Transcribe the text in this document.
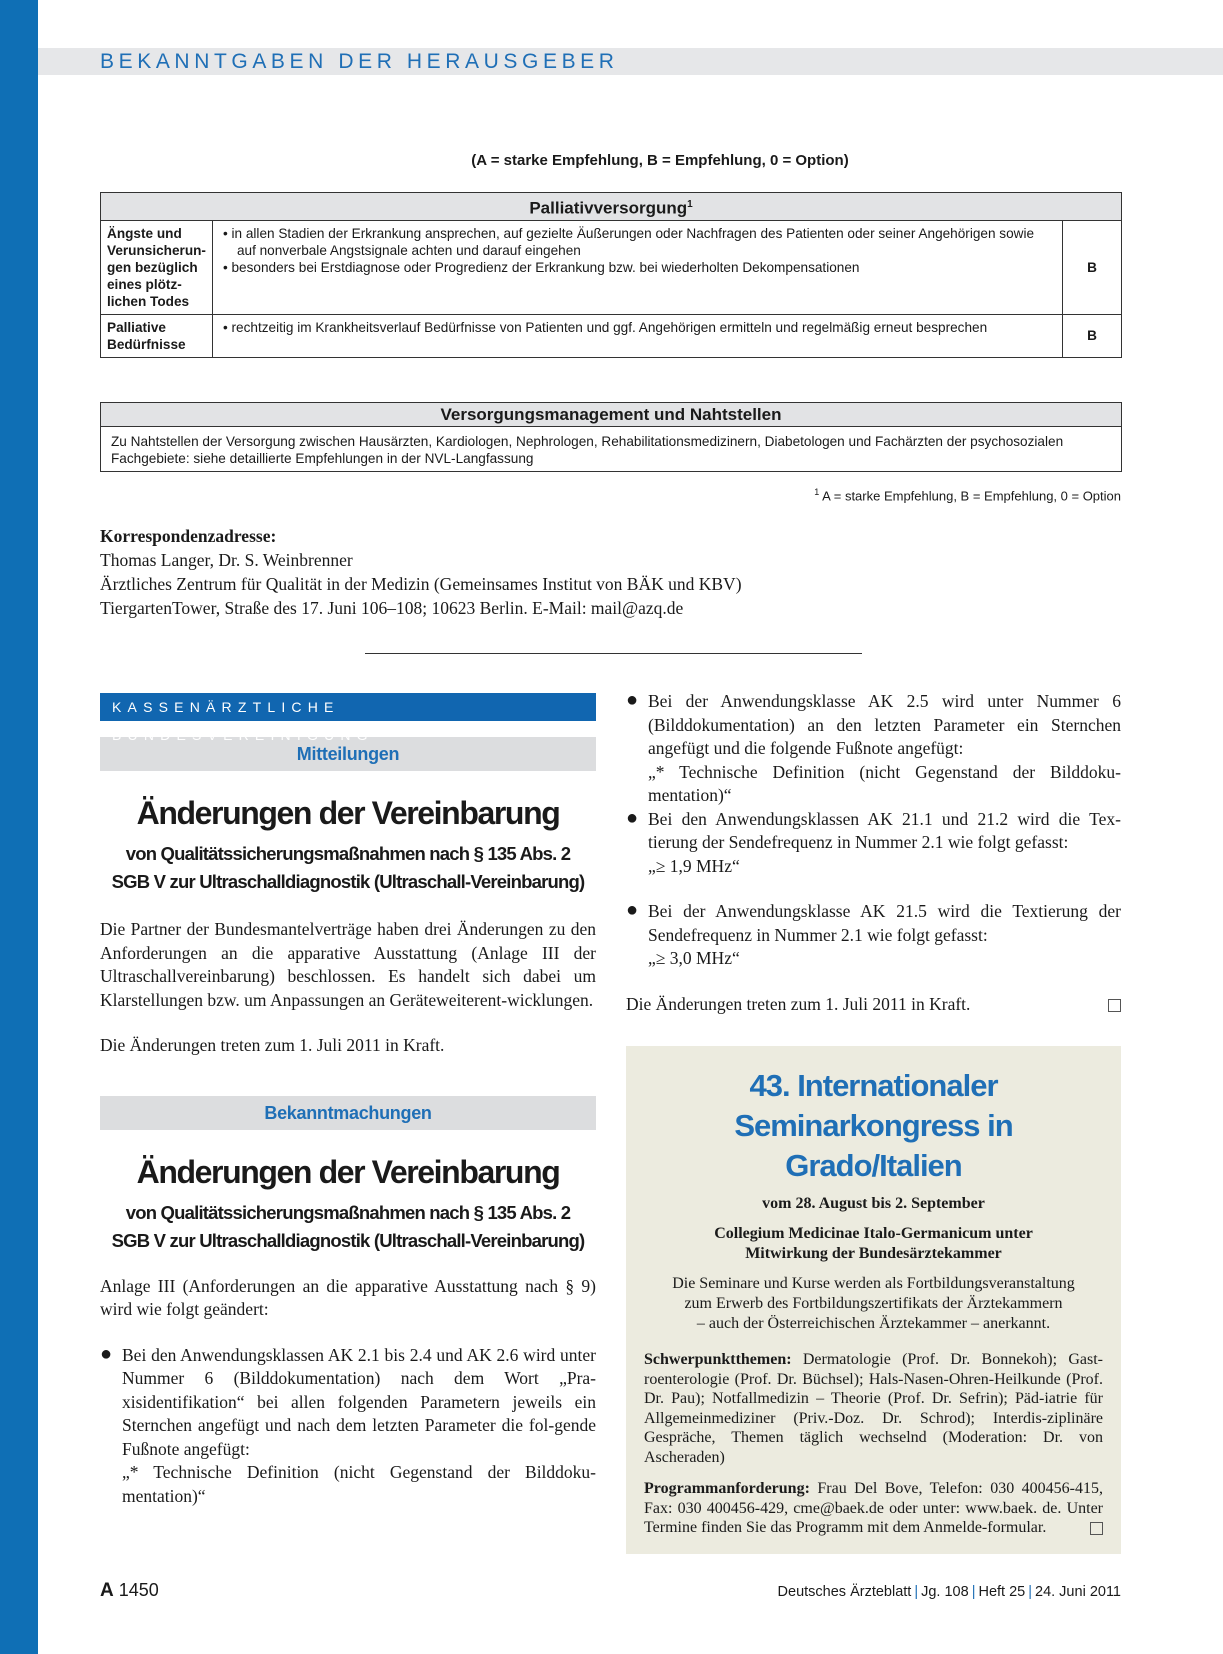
BEKANNTGABEN DER HERAUSGEBER
(A = starke Empfehlung, B = Empfehlung, 0 = Option)
Palliativversorgung$^1$
Ängste und Verunsicherun-gen bezüglich eines plötz-lichen Todes	• in allen Stadien der Erkrankung ansprechen, auf gezielte Äußerungen oder Nachfragen des Patienten oder seiner Angehörigen sowie auf nonverbale Angstsignale achten und darauf eingehen

• besonders bei Erstdiagnose oder Progredienz der Erkrankung bzw. bei wiederholten Dekompensationen	B
Palliative Bedürfnisse	• rechtzeitig im Krankheitsverlauf Bedürfnisse von Patienten und ggf. Angehörigen ermitteln und regelmäßig erneut besprechen	B
Versorgungsmanagement und Nahtstellen
Zu Nahtstellen der Versorgung zwischen Hausärzten, Kardiologen, Nephrologen, Rehabilitationsmedizinern, Diabetologen und Fachärzten der psychosozialen Fachgebiete: siehe detaillierte Empfehlungen in der NVL-Langfassung
$^1$ A = starke Empfehlung, B = Empfehlung, 0 = Option
Korrespondenzadresse:
Thomas Langer, Dr. S. Weinbrenner
Ärztliches Zentrum für Qualität in der Medizin (Gemeinsames Institut von BÄK und KBV)
TiergartenTower, Straße des 17. Juni 106–108; 10623 Berlin. E-Mail: mail@azq.de
KASSENÄRZTLICHE BUNDESVEREINIGUNG
Mitteilungen
Änderungen der Vereinbarung
von Qualitätssicherungsmaßnahmen nach § 135 Abs. 2
SGB V zur Ultraschalldiagnostik (Ultraschall-Vereinbarung)

Die Partner der Bundesmantelverträge haben drei Änderungen zu den Anforderungen an die apparative Ausstattung (Anlage III der Ultraschallvereinbarung) beschlossen. Es handelt sich dabei um Klarstellungen bzw. um Anpassungen an Geräteweiterent-wicklungen.

Die Änderungen treten zum 1. Juli 2011 in Kraft.

Bekanntmachungen
Änderungen der Vereinbarung
von Qualitätssicherungsmaßnahmen nach § 135 Abs. 2
SGB V zur Ultraschalldiagnostik (Ultraschall-Vereinbarung)

Anlage III (Anforderungen an die apparative Ausstattung nach § 9) wird wie folgt geändert:

● Bei den Anwendungsklassen AK 2.1 bis 2.4 und AK 2.6 wird unter Nummer 6 (Bilddokumentation) nach dem Wort „Pra-xisidentifikation“ bei allen folgenden Parametern jeweils ein Sternchen angefügt und nach dem letzten Parameter die fol-gende Fußnote angefügt:

„* Technische Definition (nicht Gegenstand der Bilddoku-mentation)“
● Bei der Anwendungsklasse AK 2.5 wird unter Nummer 6 (Bilddokumentation) an den letzten Parameter ein Sternchen angefügt und die folgende Fußnote angefügt:

„* Technische Definition (nicht Gegenstand der Bilddoku-mentation)“
● Bei den Anwendungsklassen AK 21.1 und 21.2 wird die Tex-tierung der Sendefrequenz in Nummer 2.1 wie folgt gefasst:
„≥ 1,9 MHz“
● Bei der Anwendungsklasse AK 21.5 wird die Textierung der Sendefrequenz in Nummer 2.1 wie folgt gefasst:
„≥ 3,0 MHz“

Die Änderungen treten zum 1. Juli 2011 in Kraft.

43. Internationaler
Seminarkongress in Grado/Italien
vom 28. August bis 2. September
Collegium Medicinae Italo-Germanicum unter
Mitwirkung der Bundesärztekammer
Die Seminare und Kurse werden als Fortbildungsveranstaltung
zum Erwerb des Fortbildungszertifikats der Ärztekammern
– auch der Österreichischen Ärztekammer – anerkannt.

Schwerpunktthemen: Dermatologie (Prof. Dr. Bonnekoh); Gast-roenterologie (Prof. Dr. Büchsel); Hals-Nasen-Ohren-Heilkunde (Prof. Dr. Pau); Notfallmedizin – Theorie (Prof. Dr. Sefrin); Päd-iatrie für Allgemeinmediziner (Priv.-Doz. Dr. Schrod); Interdis-ziplinäre Gespräche, Themen täglich wechselnd (Moderation: Dr. von Ascheraden)

Programmanforderung: Frau Del Bove, Telefon: 030 400456-415, Fax: 030 400456-429, cme@baek.de oder unter: www.baek. de. Unter Termine finden Sie das Programm mit dem Anmelde-formular.

A 1450	Deutsches Ärzteblatt | Jg. 108 | Heft 25 | 24. Juni 2011
